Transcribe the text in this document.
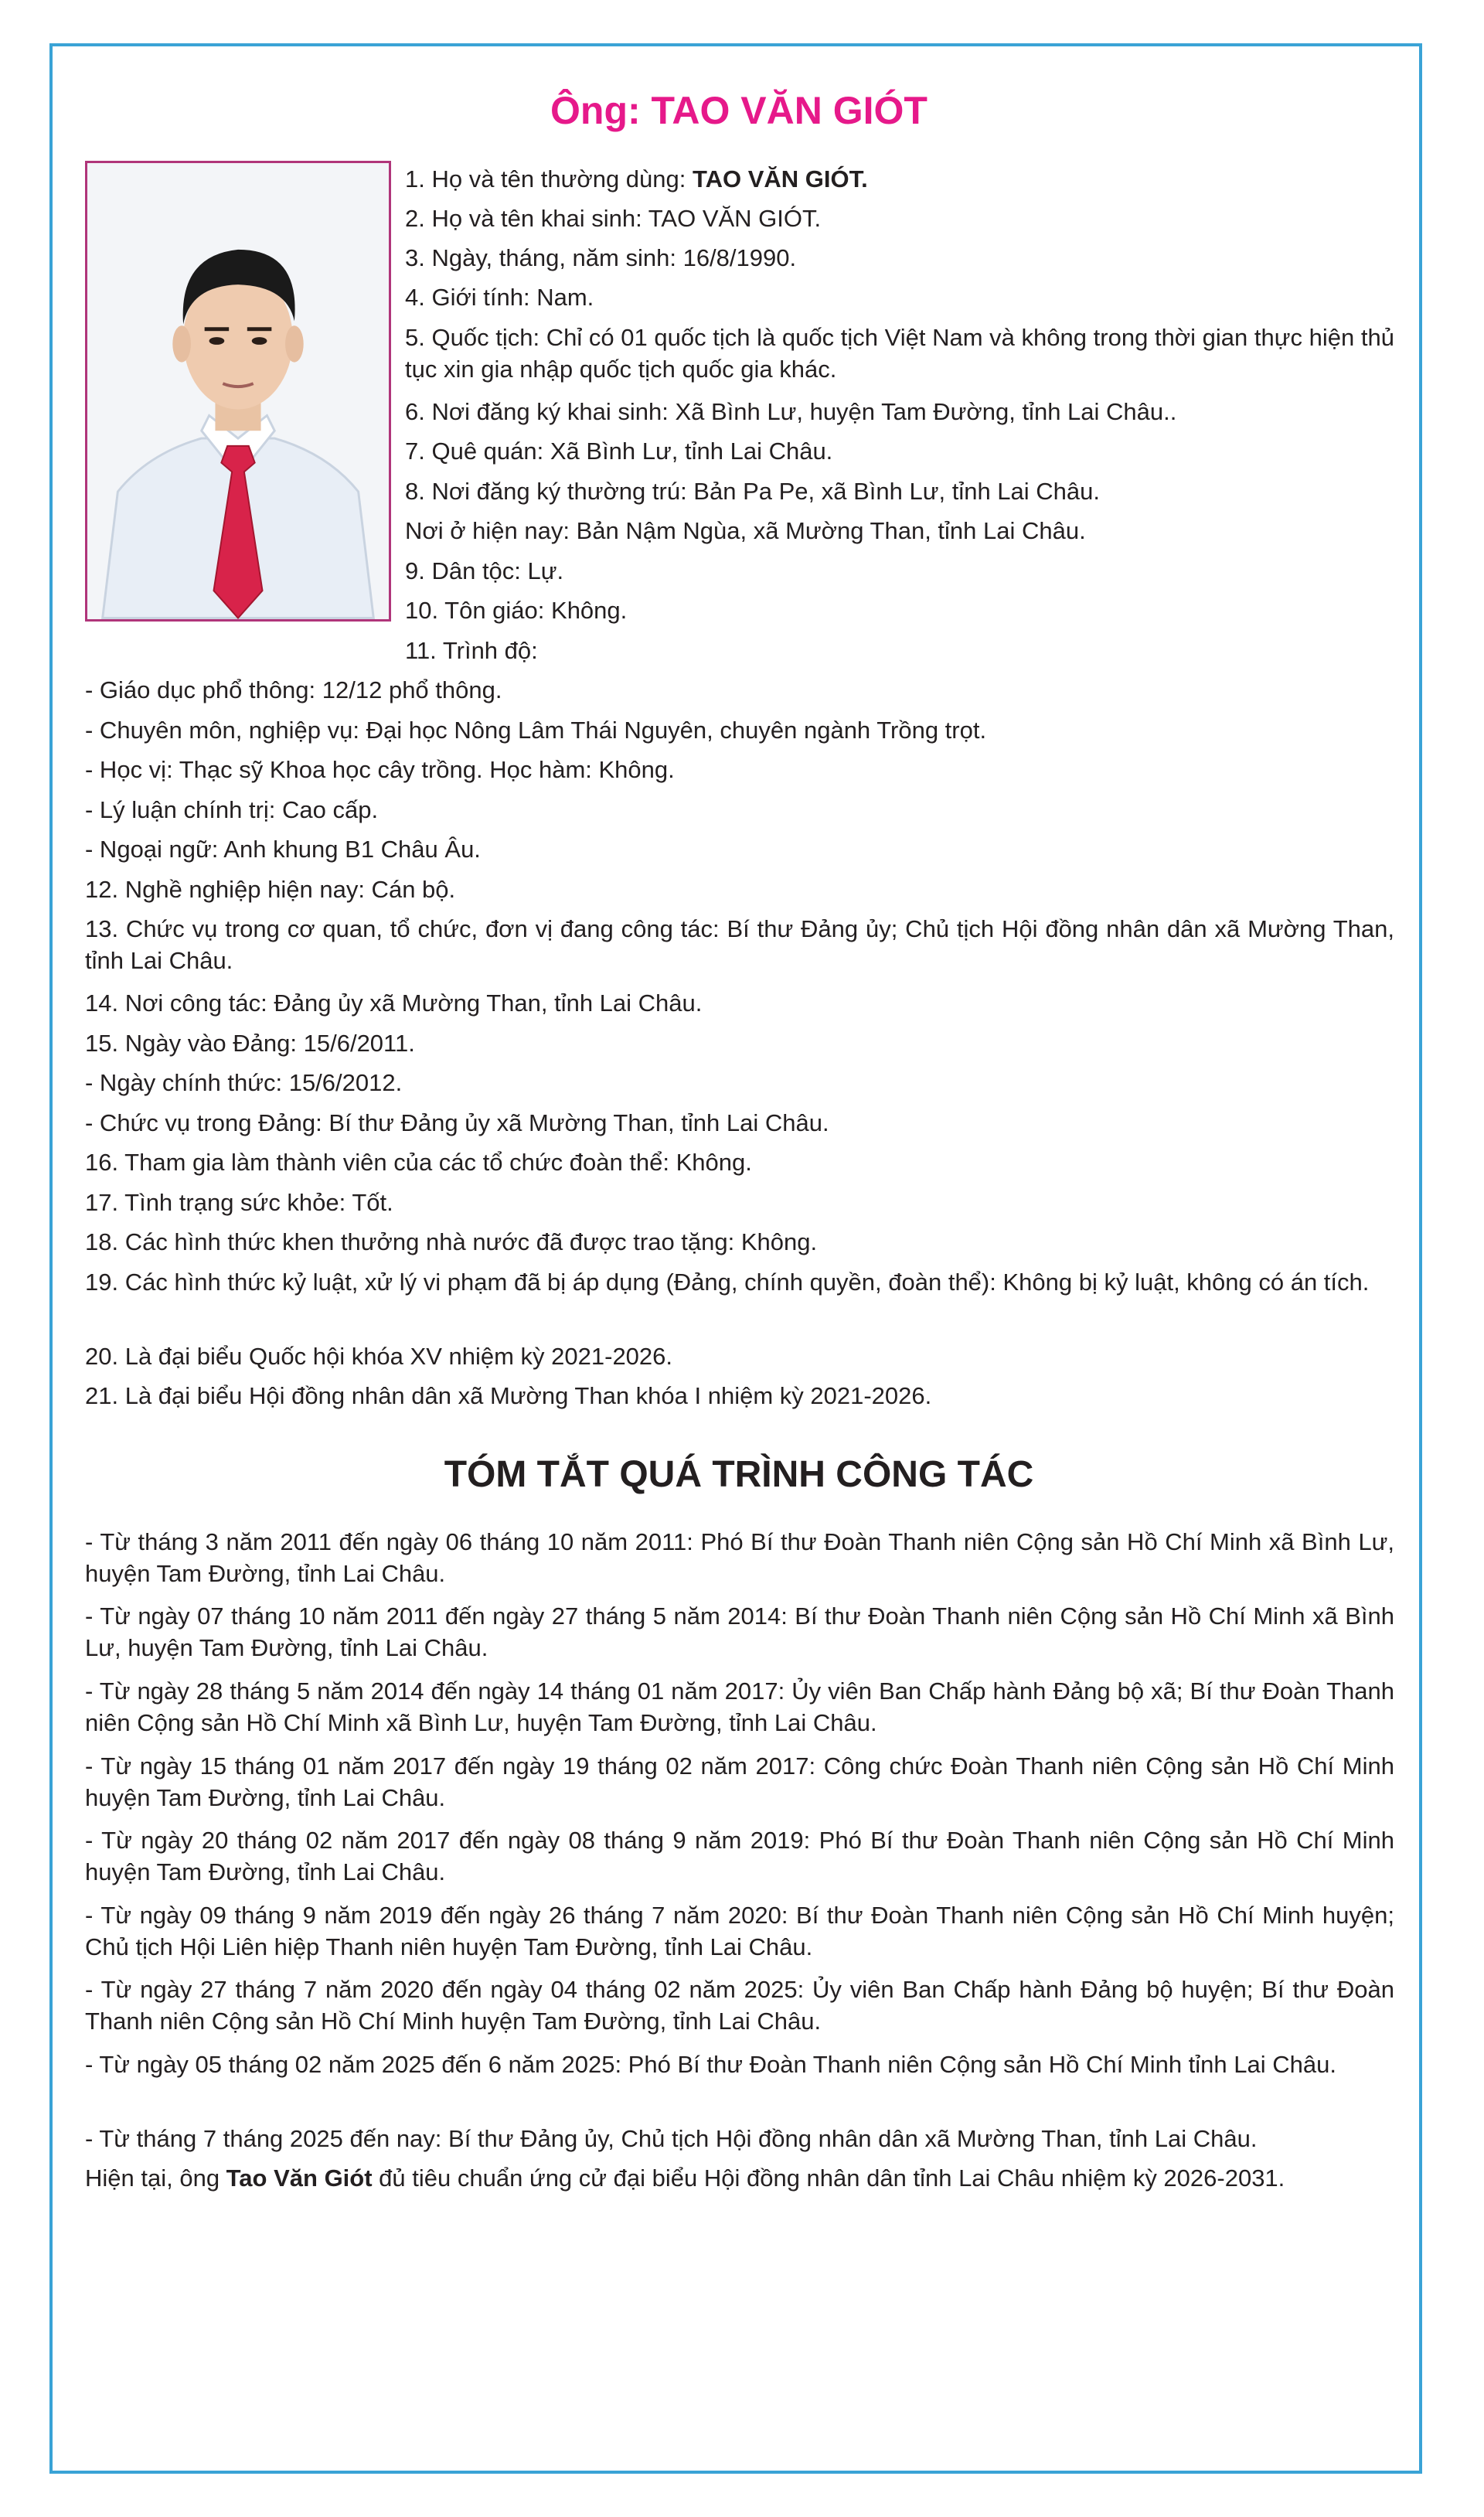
Ông: TAO VĂN GIÓT
1. Họ và tên thường dùng: TAO VĂN GIÓT.
2. Họ và tên khai sinh: TAO VĂN GIÓT.
3. Ngày, tháng, năm sinh: 16/8/1990.
4. Giới tính: Nam.
5. Quốc tịch: Chỉ có 01 quốc tịch là quốc tịch Việt Nam và không trong thời gian thực hiện thủ tục xin gia nhập quốc tịch quốc gia khác.
6. Nơi đăng ký khai sinh: Xã Bình Lư, huyện Tam Đường, tỉnh Lai Châu..
7. Quê quán: Xã Bình Lư, tỉnh Lai Châu.
8. Nơi đăng ký thường trú: Bản Pa Pe, xã Bình Lư, tỉnh Lai Châu.
Nơi ở hiện nay: Bản Nậm Ngùa, xã Mường Than, tỉnh Lai Châu.
9. Dân tộc: Lự.
10. Tôn giáo: Không.
11. Trình độ:
- Giáo dục phổ thông: 12/12 phổ thông.
- Chuyên môn, nghiệp vụ: Đại học Nông Lâm Thái Nguyên, chuyên ngành Trồng trọt.
- Học vị: Thạc sỹ Khoa học cây trồng. Học hàm: Không.
- Lý luận chính trị: Cao cấp.
- Ngoại ngữ: Anh khung B1 Châu Âu.
12. Nghề nghiệp hiện nay: Cán bộ.
13. Chức vụ trong cơ quan, tổ chức, đơn vị đang công tác: Bí thư Đảng ủy; Chủ tịch Hội đồng nhân dân xã Mường Than, tỉnh Lai Châu.
14. Nơi công tác: Đảng ủy xã Mường Than, tỉnh Lai Châu.
15. Ngày vào Đảng: 15/6/2011.
- Ngày chính thức: 15/6/2012.
- Chức vụ trong Đảng: Bí thư Đảng ủy xã Mường Than, tỉnh Lai Châu.
16. Tham gia làm thành viên của các tổ chức đoàn thể: Không.
17. Tình trạng sức khỏe: Tốt.
18. Các hình thức khen thưởng nhà nước đã được trao tặng: Không.
19. Các hình thức kỷ luật, xử lý vi phạm đã bị áp dụng (Đảng, chính quyền, đoàn thể): Không bị kỷ luật, không có án tích.
20. Là đại biểu Quốc hội khóa XV nhiệm kỳ 2021-2026.
21. Là đại biểu Hội đồng nhân dân xã Mường Than khóa I nhiệm kỳ 2021-2026.
TÓM TẮT QUÁ TRÌNH CÔNG TÁC
- Từ tháng 3 năm 2011 đến ngày 06 tháng 10 năm 2011: Phó Bí thư Đoàn Thanh niên Cộng sản Hồ Chí Minh xã Bình Lư, huyện Tam Đường, tỉnh Lai Châu.
- Từ ngày 07 tháng 10 năm 2011 đến ngày 27 tháng 5 năm 2014: Bí thư Đoàn Thanh niên Cộng sản Hồ Chí Minh xã Bình Lư, huyện Tam Đường, tỉnh Lai Châu.
- Từ ngày 28 tháng 5 năm 2014 đến ngày 14 tháng 01 năm 2017: Ủy viên Ban Chấp hành Đảng bộ xã; Bí thư Đoàn Thanh niên Cộng sản Hồ Chí Minh xã Bình Lư, huyện Tam Đường, tỉnh Lai Châu.
- Từ ngày 15 tháng 01 năm 2017 đến ngày 19 tháng 02 năm 2017: Công chức Đoàn Thanh niên Cộng sản Hồ Chí Minh huyện Tam Đường, tỉnh Lai Châu.
- Từ ngày 20 tháng 02 năm 2017 đến ngày 08 tháng 9 năm 2019: Phó Bí thư Đoàn Thanh niên Cộng sản Hồ Chí Minh huyện Tam Đường, tỉnh Lai Châu.
- Từ ngày 09 tháng 9 năm 2019 đến ngày 26 tháng 7 năm 2020: Bí thư Đoàn Thanh niên Cộng sản Hồ Chí Minh huyện; Chủ tịch Hội Liên hiệp Thanh niên huyện Tam Đường, tỉnh Lai Châu.
- Từ ngày 27 tháng 7 năm 2020 đến ngày 04 tháng 02 năm 2025: Ủy viên Ban Chấp hành Đảng bộ huyện; Bí thư Đoàn Thanh niên Cộng sản Hồ Chí Minh huyện Tam Đường, tỉnh Lai Châu.
- Từ ngày 05 tháng 02 năm 2025 đến 6 năm 2025: Phó Bí thư Đoàn Thanh niên Cộng sản Hồ Chí Minh tỉnh Lai Châu.
- Từ tháng 7 tháng 2025 đến nay: Bí thư Đảng ủy, Chủ tịch Hội đồng nhân dân xã Mường Than, tỉnh Lai Châu.
Hiện tại, ông Tao Văn Giót đủ tiêu chuẩn ứng cử đại biểu Hội đồng nhân dân tỉnh Lai Châu nhiệm kỳ 2026-2031.
